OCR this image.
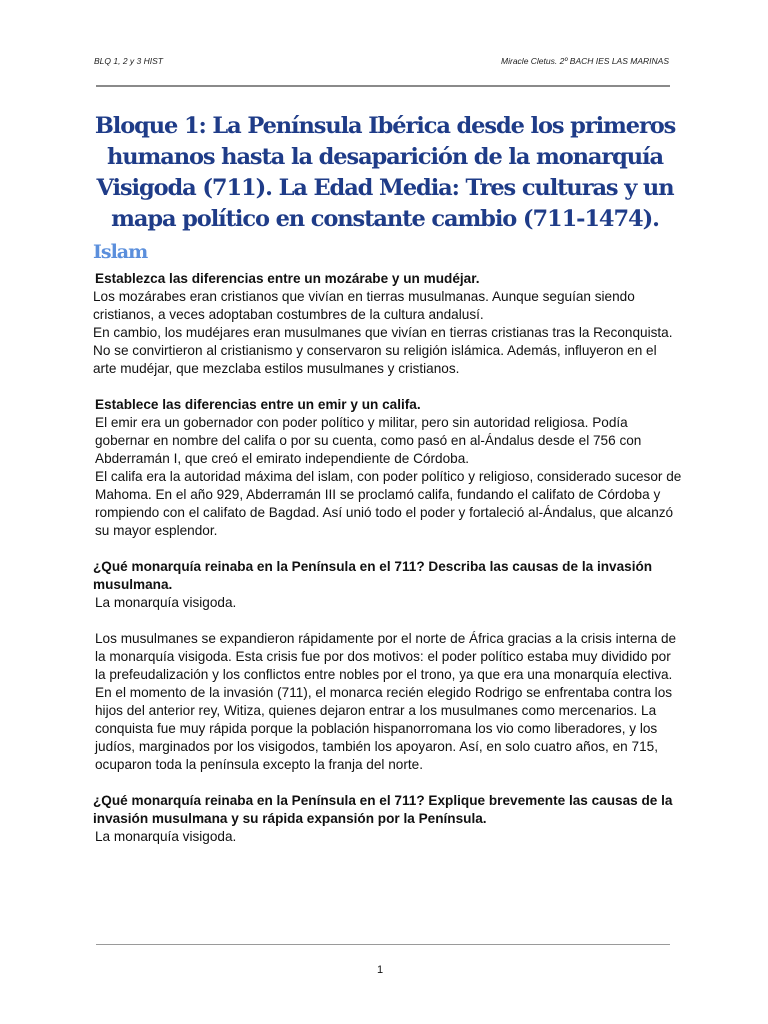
BLQ 1, 2 y 3 HIST	Miracle Cletus. 2º BACH IES LAS MARINAS
Bloque 1: La Península Ibérica desde los primeros humanos hasta la desaparición de la monarquía Visigoda (711). La Edad Media: Tres culturas y un mapa político en constante cambio (711-1474).
Islam

Establezca las diferencias entre un mozárabe y un mudéjar.

Los mozárabes eran cristianos que vivían en tierras musulmanas. Aunque seguían siendo cristianos, a veces adoptaban costumbres de la cultura andalusí.

En cambio, los mudéjares eran musulmanes que vivían en tierras cristianas tras la Reconquista. No se convirtieron al cristianismo y conservaron su religión islámica. Además, influyeron en el arte mudéjar, que mezclaba estilos musulmanes y cristianos.

Establece las diferencias entre un emir y un califa.

El emir era un gobernador con poder político y militar, pero sin autoridad religiosa. Podía gobernar en nombre del califa o por su cuenta, como pasó en al-Ándalus desde el 756 con Abderramán I, que creó el emirato independiente de Córdoba.

El califa era la autoridad máxima del islam, con poder político y religioso, considerado sucesor de Mahoma. En el año 929, Abderramán III se proclamó califa, fundando el califato de Córdoba y rompiendo con el califato de Bagdad. Así unió todo el poder y fortaleció al-Ándalus, que alcanzó su mayor esplendor.

¿Qué monarquía reinaba en la Península en el 711? Describa las causas de la invasión musulmana.

La monarquía visigoda.

Los musulmanes se expandieron rápidamente por el norte de África gracias a la crisis interna de la monarquía visigoda. Esta crisis fue por dos motivos: el poder político estaba muy dividido por la prefeudalización y los conflictos entre nobles por el trono, ya que era una monarquía electiva. En el momento de la invasión (711), el monarca recién elegido Rodrigo se enfrentaba contra los hijos del anterior rey, Witiza, quienes dejaron entrar a los musulmanes como mercenarios. La conquista fue muy rápida porque la población hispanorromana los vio como liberadores, y los judíos, marginados por los visigodos, también los apoyaron. Así, en solo cuatro años, en 715, ocuparon toda la península excepto la franja del norte.

¿Qué monarquía reinaba en la Península en el 711? Explique brevemente las causas de la invasión musulmana y su rápida expansión por la Península.

La monarquía visigoda.

1
